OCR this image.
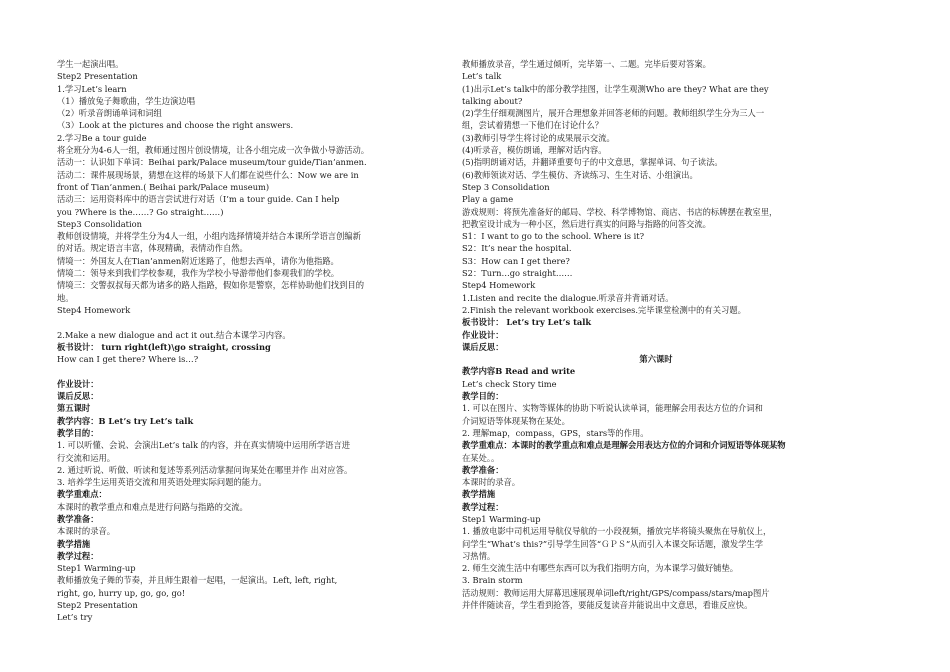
学生一起演出唱。
Step2 Presentation
1.学习Let’s learn
（1）播放兔子舞歌曲，学生边演边唱
（2）听录音朗诵单词和词组
（3）Look at the pictures and choose the right answers.
2.学习Be a tour guide
将全班分为4-6人一组，教师通过图片创设情境，让各小组完成一次争做小导游活动。
活动一：认识如下单词：Beihai park/Palace museum/tour guide/Tian’anmen.
活动二：课件展现场景，猜想在这样的场景下人们都在说些什么：Now we are in
front of Tian’anmen.( Beihai park/Palace museum)
活动三：运用资料库中的语言尝试进行对话（I’m a tour guide. Can I help
you ?Where is the……? Go straight……)
Step3 Consolidation
教师创设情境，并将学生分为4人一组，小组内选择情境并结合本课所学语言创编新
的对话。规定语言丰富，体现精确，表情动作自然。
情境一：外国友人在Tian’anmen附近迷路了，他想去西单，请你为他指路。
情境二：领导来到我们学校参观，我作为学校小导游带他们参观我们的学校。
情境三：交警叔叔每天都为诸多的路人指路，假如你是警察，怎样协助他们找到目的
地。
Step4 Homework
2.Make a new dialogue and act it out.结合本课学习内容。
板书设计： turn right(left)\go straight, crossing
How can I get there? Where is…?
作业设计：
课后反思：
第五课时
教学内容：B Let’s try Let’s talk
教学目的：
1. 可以听懂、会说、会演出Let’s talk 的内容，并在真实情境中运用所学语言进
行交流和运用。
2. 通过听说、听做、听读和复述等系列活动掌握问询某处在哪里并作 出对应答。
3. 培养学生运用英语交流和用英语处理实际问题的能力。
教学重难点：
本课时的教学重点和难点是进行问路与指路的交流。
教学准备：
本课时的录音。
教学措施
教学过程：
Step1 Warming-up
教师播放兔子舞的节奏，并且师生跟着一起唱，一起演出。Left, left, right,
right, go, hurry up, go, go, go!
Step2 Presentation
Let’s try
教师播放录音，学生通过倾听，完毕第一、二题。完毕后要对答案。
Let’s talk
(1)出示Let’s talk中的部分教学挂图，让学生观测Who are they? What are they
talking about?
(2)学生仔细观测图片，展开合理想象并回答老师的问题。教师组织学生分为三人一
组，尝试着猜想一下他们在讨论什么？
(3)教师引导学生将讨论的成果展示交流。
(4)听录音，模仿朗诵，理解对话内容。
(5)指明朗诵对话，并翻译重要句子的中文意思，掌握单词、句子读法。
(6)教师领读对话、学生模仿、齐读练习、生生对话、小组演出。
Step 3 Consolidation
Play a game
游戏规则：将预先准备好的邮局、学校、科学博物馆、商店、书店的标牌摆在教室里，
把教室设计成为一种小区，然后进行真实的问路与指路的问答交流。
S1：I want to go to the school. Where is it?
S2：It’s near the hospital.
S3：How can I get there?
S2：Turn…go straight……
Step4 Homework
1.Listen and recite the dialogue.听录音并背诵对话。
2.Finish the relevant workbook exercises.完毕课堂检测中的有关习题。
板书设计： Let’s try Let’s talk
作业设计：
课后反思：
第六课时
教学内容B Read and write
Let’s check Story time
教学目的：
1. 可以在图片、实物等媒体的协助下听说认读单词，能理解会用表达方位的介词和
介词短语等体现某物在某处。
2. 理解map，compass，GPS，stars等的作用。
教学重难点：本课时的教学重点和难点是理解会用表达方位的介词和介词短语等体现某物
在某处。。
教学准备：
本课时的录音。
教学措施
教学过程：
Step1 Warming-up
1. 播放电影中司机运用导航仪导航的一小段视频，播放完毕将镜头聚焦在导航仪上，
问学生“What’s this?”引导学生回答“ＧＰＳ”从而引入本课交际话题，激发学生学
习热情。
2. 师生交流生活中有哪些东西可以为我们指明方向，为本课学习做好铺垫。
3. Brain storm
活动规则：教师运用大屏幕迅速展现单词left/right/GPS/compass/stars/map图片
并伴伴随读音，学生看到抢答，要能反复读音并能说出中文意思，看谁反应快。
